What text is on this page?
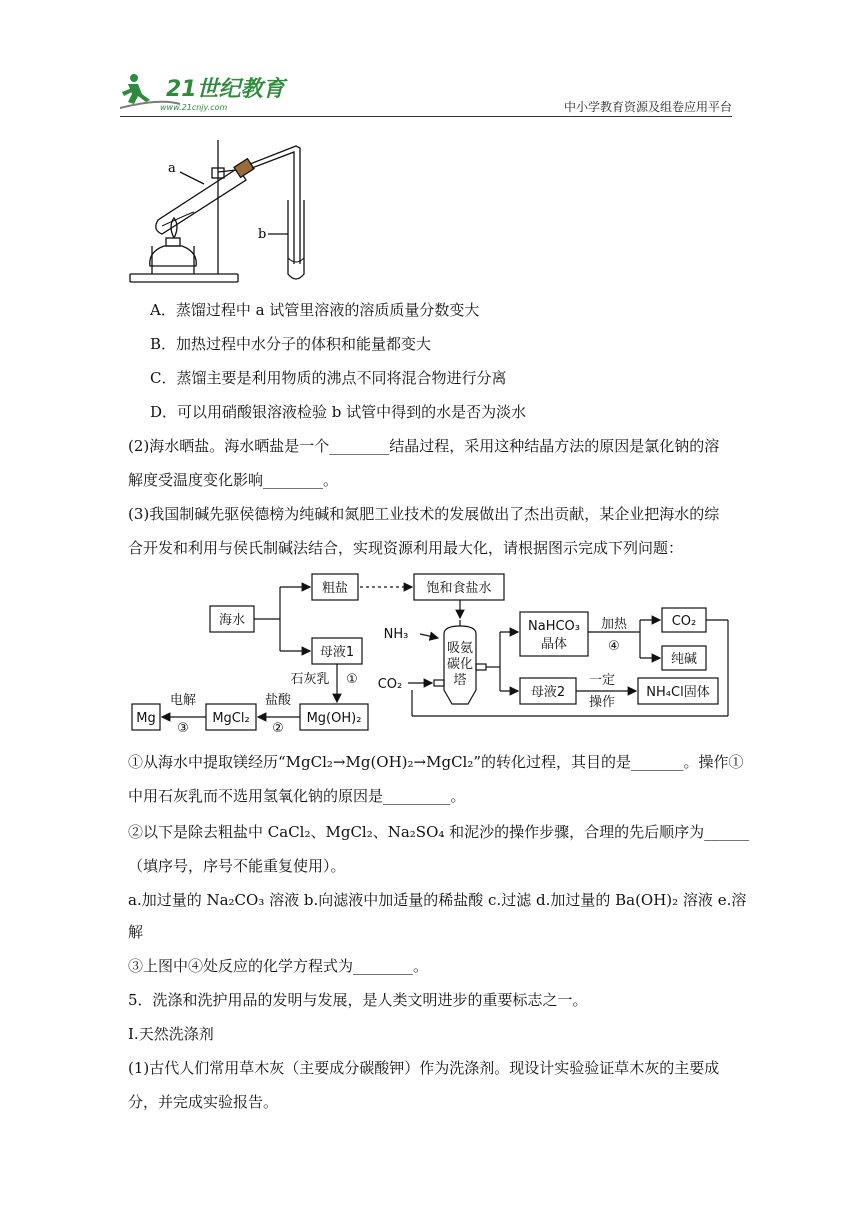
21世纪教育
www.21cnjy.com	中小学教育资源及组卷应用平台
a
b
A．蒸馏过程中 a 试管里溶液的溶质质量分数变大
B．加热过程中水分子的体积和能量都变大
C．蒸馏主要是利用物质的沸点不同将混合物进行分离
D．可以用硝酸银溶液检验 b 试管中得到的水是否为淡水
(2)海水晒盐。海水晒盐是一个________结晶过程，采用这种结晶方法的原因是氯化钠的溶
解度受温度变化影响________。
(3)我国制碱先驱侯德榜为纯碱和氮肥工业技术的发展做出了杰出贡献，某企业把海水的综
合开发和利用与侯氏制碱法结合，实现资源利用最大化，请根据图示完成下列问题：
海水
粗盐	饱和食盐水
母液1
石灰乳 ①
Mg(OH)₂
盐酸
②
MgCl₂
电解
③
Mg
NH₃
CO₂
吸氨
碳化
塔
NaHCO₃
晶体
加热
④
CO₂
纯碱
母液2
一定
操作
NH₄Cl固体
①从海水中提取镁经历“MgCl₂→Mg(OH)₂→MgCl₂”的转化过程，其目的是_______。操作①
中用石灰乳而不选用氢氧化钠的原因是_________。
②以下是除去粗盐中 CaCl₂、MgCl₂、Na₂SO₄ 和泥沙的操作步骤，合理的先后顺序为______
（填序号，序号不能重复使用）。
a.加过量的 Na₂CO₃ 溶液 b.向滤液中加适量的稀盐酸 c.过滤 d.加过量的 Ba(OH)₂ 溶液 e.溶
解
③上图中④处反应的化学方程式为________。
5．洗涤和洗护用品的发明与发展，是人类文明进步的重要标志之一。
I.天然洗涤剂
(1)古代人们常用草木灰（主要成分碳酸钾）作为洗涤剂。现设计实验验证草木灰的主要成
分，并完成实验报告。
